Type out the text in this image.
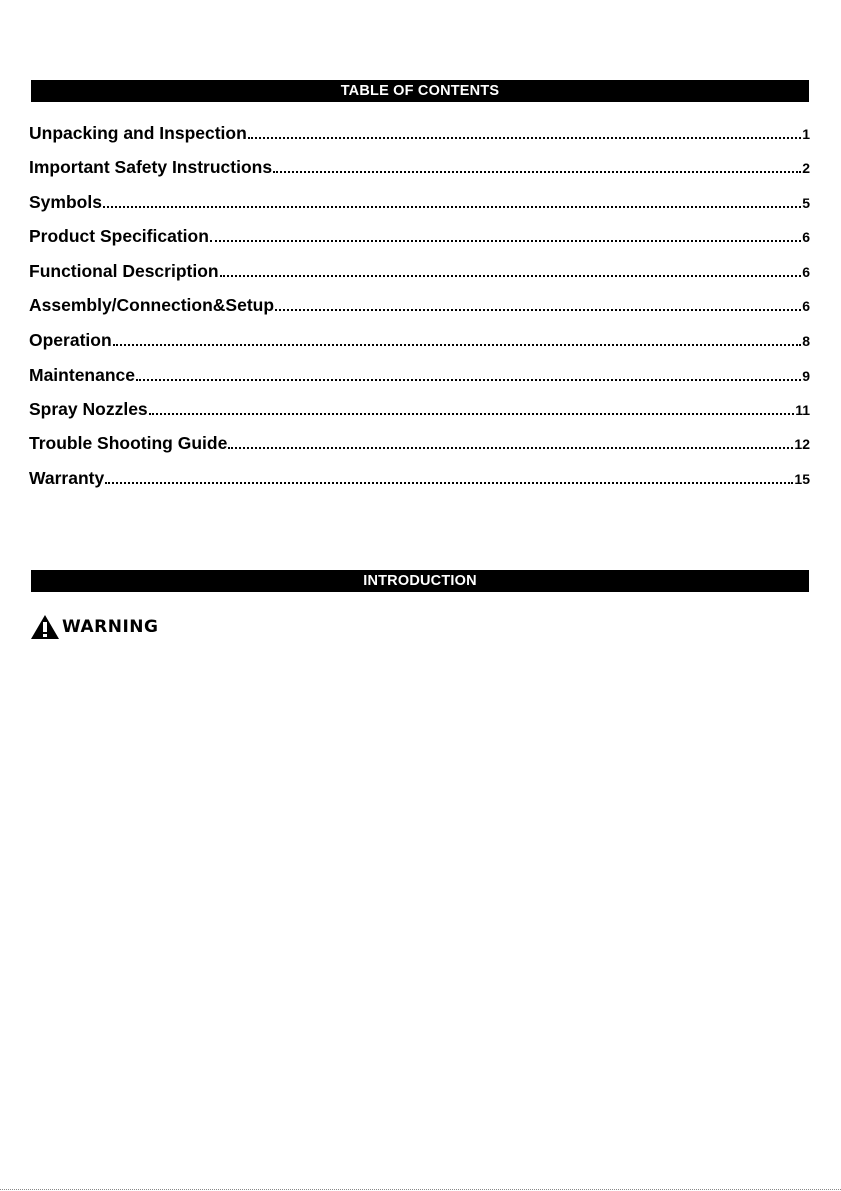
TABLE OF CONTENTS
Unpacking and Inspection	1
Important Safety Instructions	2
Symbols	5
Product Specification	6
Functional Description	6
Assembly/Connection&Setup	6
Operation	8
Maintenance	9
Spray Nozzles	11
Trouble Shooting Guide	12
Warranty	15
INTRODUCTION
WARNING
